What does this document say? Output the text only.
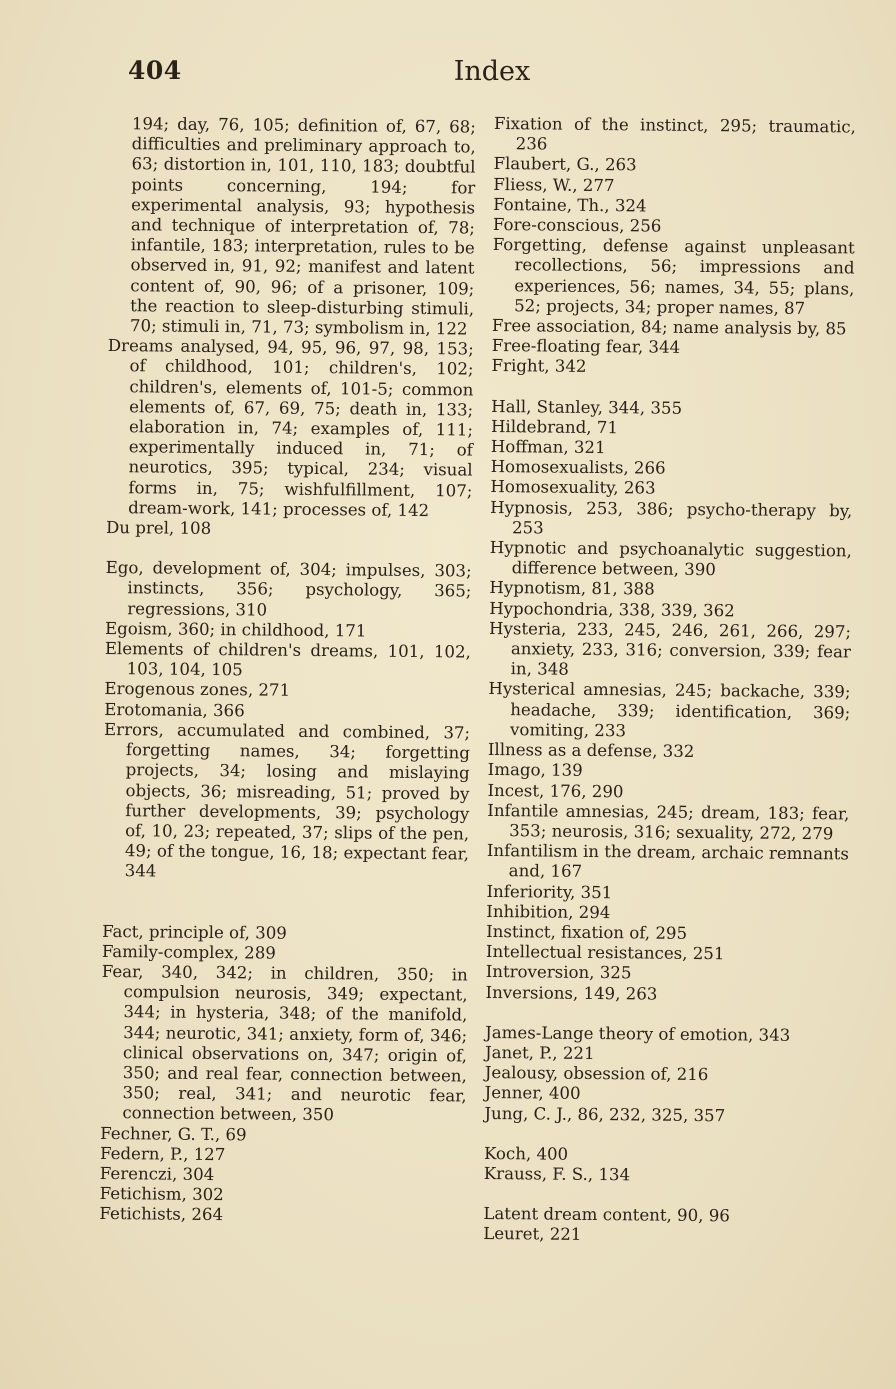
404	Index

194; day, 76, 105; definition of, 67, 68; difficulties and preliminary approach to, 63; distortion in, 101, 110, 183; doubtful points concerning, 194; for experimental analysis, 93; hypothesis and technique of interpretation of, 78; infantile, 183; interpretation, rules to be observed in, 91, 92; manifest and latent content of, 90, 96; of a prisoner, 109; the reaction to sleep-disturbing stimuli, 70; stimuli in, 71, 73; symbolism in, 122

Dreams analysed, 94, 95, 96, 97, 98, 153; of childhood, 101; children's, 102; children's, elements of, 101-5; common elements of, 67, 69, 75; death in, 133; elaboration in, 74; examples of, 111; experimentally induced in, 71; of neurotics, 395; typical, 234; visual forms in, 75; wishfulfillment, 107; dream-work, 141; processes of, 142

Du prel, 108

Ego, development of, 304; impulses, 303; instincts, 356; psychology, 365; regressions, 310

Egoism, 360; in childhood, 171

Elements of children's dreams, 101, 102, 103, 104, 105

Erogenous zones, 271

Erotomania, 366

Errors, accumulated and combined, 37; forgetting names, 34; forgetting projects, 34; losing and mislaying objects, 36; misreading, 51; proved by further developments, 39; psychology of, 10, 23; repeated, 37; slips of the pen, 49; of the tongue, 16, 18; expectant fear, 344

Fact, principle of, 309

Family-complex, 289

Fear, 340, 342; in children, 350; in compulsion neurosis, 349; expectant, 344; in hysteria, 348; of the manifold, 344; neurotic, 341; anxiety, form of, 346; clinical observations on, 347; origin of, 350; and real fear, connection between, 350; real, 341; and neurotic fear, connection between, 350

Fechner, G. T., 69

Federn, P., 127

Ferenczi, 304

Fetichism, 302

Fetichists, 264

Fixation of the instinct, 295; traumatic, 236

Flaubert, G., 263

Fliess, W., 277

Fontaine, Th., 324

Fore-conscious, 256

Forgetting, defense against unpleasant recollections, 56; impressions and experiences, 56; names, 34, 55; plans, 52; projects, 34; proper names, 87

Free association, 84; name analysis by, 85

Free-floating fear, 344

Fright, 342

Hall, Stanley, 344, 355

Hildebrand, 71

Hoffman, 321

Homosexualists, 266

Homosexuality, 263

Hypnosis, 253, 386; psycho-therapy by, 253

Hypnotic and psychoanalytic suggestion, difference between, 390

Hypnotism, 81, 388

Hypochondria, 338, 339, 362

Hysteria, 233, 245, 246, 261, 266, 297; anxiety, 233, 316; conversion, 339; fear in, 348

Hysterical amnesias, 245; backache, 339; headache, 339; identification, 369; vomiting, 233

Illness as a defense, 332

Imago, 139

Incest, 176, 290

Infantile amnesias, 245; dream, 183; fear, 353; neurosis, 316; sexuality, 272, 279

Infantilism in the dream, archaic remnants and, 167

Inferiority, 351

Inhibition, 294

Instinct, fixation of, 295

Intellectual resistances, 251

Introversion, 325

Inversions, 149, 263

James-Lange theory of emotion, 343

Janet, P., 221

Jealousy, obsession of, 216

Jenner, 400

Jung, C. J., 86, 232, 325, 357

Koch, 400

Krauss, F. S., 134

Latent dream content, 90, 96

Leuret, 221
